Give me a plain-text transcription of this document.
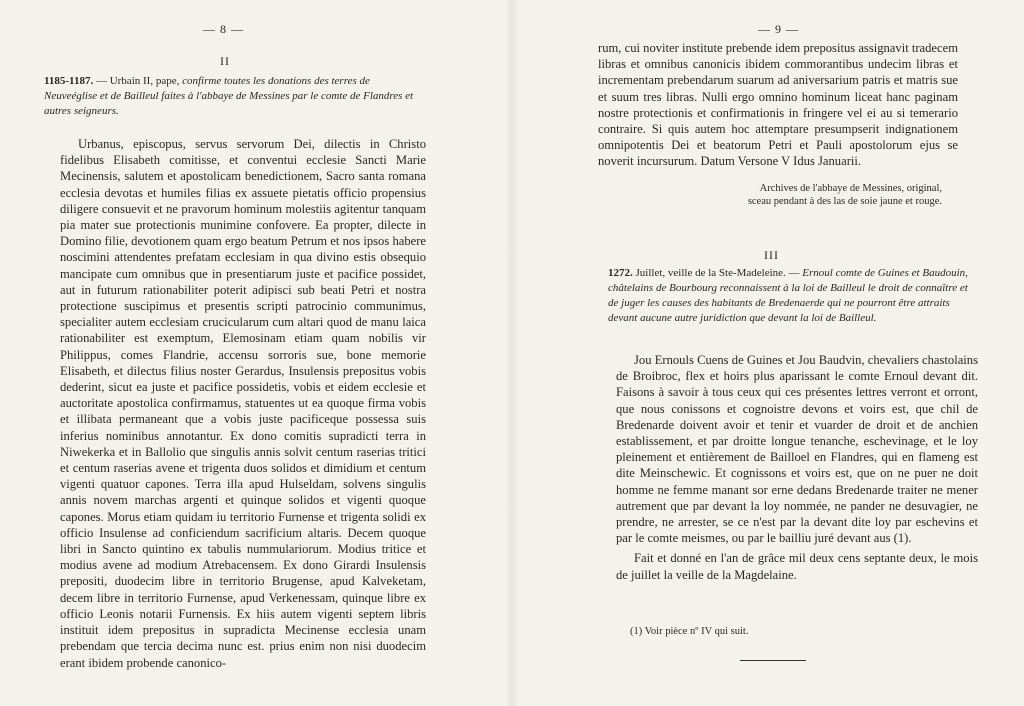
— 8 —
II
1185-1187. — Urbain II, pape, confirme toutes les donations des terres de Neuveéglise et de Bailleul faites à l'abbaye de Messines par le comte de Flandres et autres seigneurs.

Urbanus, episcopus, servus servorum Dei, dilectis in Christo fidelibus Elisabeth comitisse, et conventui ecclesie Sancti Marie Mecinensis, salutem et apostolicam benedictionem, Sacro santa romana ecclesia devotas et humiles filias ex assuete pietatis officio propensius diligere consuevit et ne pravorum hominum molestiis agitentur tanquam pia mater sue protectionis munimine confovere. Ea propter, dilecte in Domino filie, devotionem quam ergo beatum Petrum et nos ipsos habere noscimini attendentes prefatam ecclesiam in qua divino estis obsequio mancipate cum omnibus que in presentiarum juste et pacifice possidet, aut in futurum rationabiliter poterit adipisci sub beati Petri et nostra protectione suscipimus et presentis scripti patrocinio communimus, specialiter autem ecclesiam crucicularum cum altari quod de manu laica rationabiliter est exemptum, Elemosinam etiam quam nobilis vir Philippus, comes Flandrie, accensu sorroris sue, bone memorie Elisabeth, et dilectus filius noster Gerardus, Insulensis prepositus vobis dederint, sicut ea juste et pacifice possidetis, vobis et eidem ecclesie et auctoritate apostolica confirmamus, statuentes ut ea quoque firma vobis et illibata permaneant que a vobis juste pacificeque possessa suis inferius nominibus annotantur. Ex dono comitis supradicti terra in Niwekerka et in Ballolio que singulis annis solvit centum raserias tritici et centum raserias avene et trigenta duos solidos et dimidium et centum vigenti quatuor capones. Terra illa apud Hulseldam, solvens singulis annis novem marchas argenti et quinque solidos et vigenti quoque capones. Morus etiam quidam iu territorio Furnense et trigenta solidi ex officio Insulense ad conficiendum sacrificium altaris. Decem quoque libri in Sancto quintino ex tabulis nummulariorum. Modius tritice et modius avene ad modium Atrebacensem. Ex dono Girardi Insulensis prepositi, duodecim libre in territorio Brugense, apud Kalveketam, decem libre in territorio Furnense, apud Verkenessam, quinque libre ex officio Leonis notarii Furnensis. Ex hiis autem vigenti septem libris instituit idem prepositus in supradicta Mecinense ecclesia unam prebendam que tercia decima nunc est. prius enim non nisi duodecim erant ibidem probende canonico-

— 9 —

rum, cui noviter institute prebende idem prepositus assignavit tradecem libras et omnibus canonicis ibidem commorantibus undecim libras et incrementam prebendarum suarum ad aniversarium patris et matris sue et suum tres libras. Nulli ergo omnino hominum liceat hanc paginam nostre protectionis et confirmationis in fringere vel ei au si temerario contraire. Si quis autem hoc attemptare presumpserit indignationem omnipotentis Dei et beatorum Petri et Pauli apostolorum ejus se noverit incursurum. Datum Versone V Idus Januarii.

Archives de l'abbaye de Messines, original, sceau pendant à des las de soie jaune et rouge.
III
1272. Juillet, veille de la Ste-Madeleine. — Ernoul comte de Guines et Baudouin, châtelains de Bourbourg reconnaissent à la loi de Bailleul le droit de connaître et de juger les causes des habitants de Bredenaerde qui ne pourront être attraits devant aucune autre juridiction que devant la loi de Bailleul.

Jou Ernouls Cuens de Guines et Jou Baudvin, chevaliers chastolains de Broibroc, flex et hoirs plus aparissant le comte Ernoul devant dit. Faisons à savoir à tous ceux qui ces présentes lettres verront et orront, que nous conissons et cognoistre devons et voirs est, que chil de Bredenarde doivent avoir et tenir et vuarder de droit et de anchien establissement, et par droitte longue tenanche, eschevinage, et le loy pleinement et entièrement de Bailloel en Flandres, qui en flameng est dite Meinschewic. Et cognissons et voirs est, que on ne puer ne doit homme ne femme manant sor erne dedans Bredenarde traiter ne mener autrement que par devant la loy nommée, ne pander ne desuvagier, ne prendre, ne arrester, se ce n'est par la devant dite loy par eschevins et par le comte meismes, ou par le bailliu juré devant aus (1).

Fait et donné en l'an de grâce mil deux cens septante deux, le mois de juillet la veille de la Magdelaine.

(1) Voir pièce nº IV qui suit.
